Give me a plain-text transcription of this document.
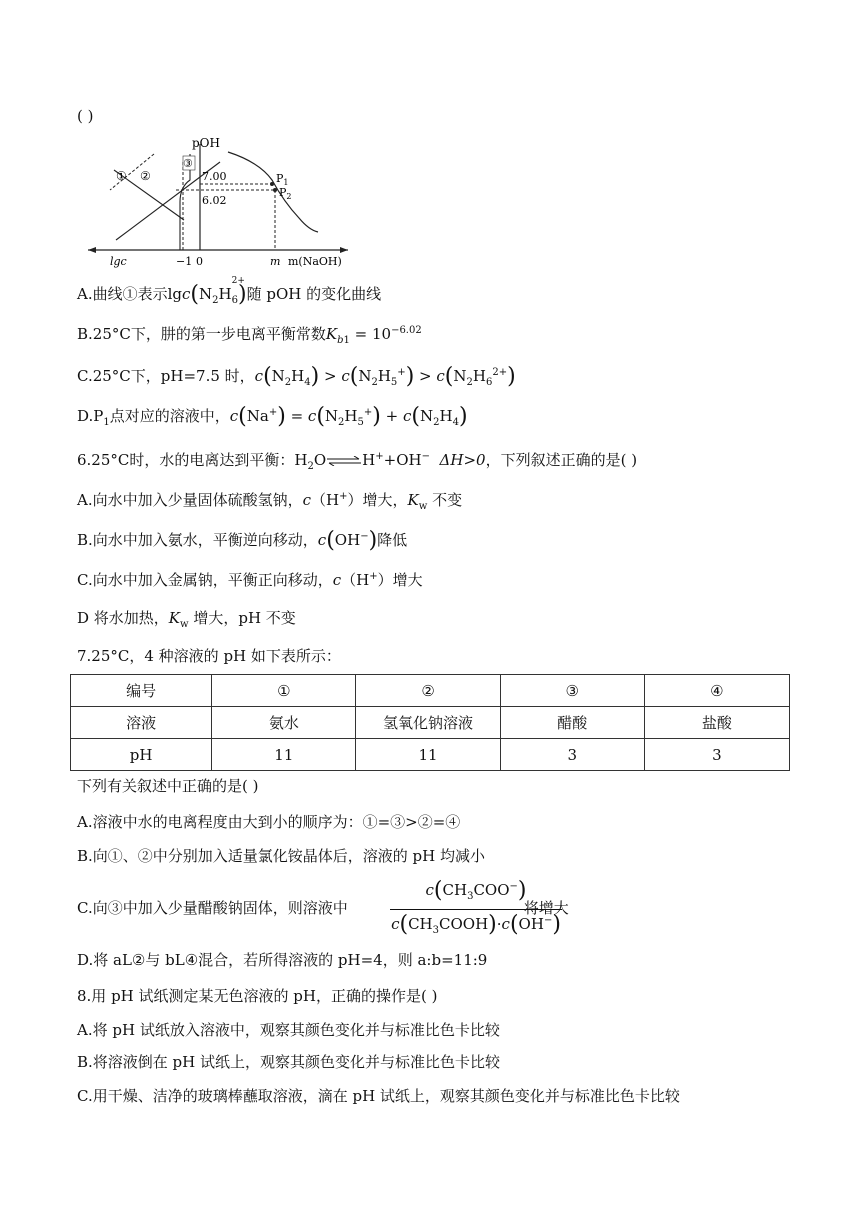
( )
pOH
③
① ②	7.00
6.02
$P_1$
$P_2$
lgc	−1 0	m m(NaOH)
A.曲线①表示$\lg c(N_2H$
$_{2+ 6}$)随 pOH 的变化曲线
B.25°C下，肼的第一步电离平衡常数$K_{b1} = 10^{-6.02}$
C.25°C下，pH=7.5 时，$c(N_2H_4) > c(N_2H_5^+) > c(N_2H_6^{2+})$
$D.P_1$点对应的溶液中，$c(Na^+) = c(N_2H_5^+) + c(N_2H_4)$
6.25°C时，水的电离达到平衡：$H_2O$ H++OH− ΔH>0，下列叙述正确的是( )
A.向水中加入少量固体硫酸氢钠，c（H+）增大，$K_w$ 不变
B.向水中加入氨水，平衡逆向移动，c(OH−)降低
C.向水中加入金属钠，平衡正向移动，c（H+）增大
D 将水加热，$K_w$ 增大，pH 不变
7.25°C，4 种溶液的 pH 如下表所示：
编号	①	②	③	④
溶液	氨水	氢氧化钠溶液	醋酸	盐酸
pH	11	11	3	3
下列有关叙述中正确的是( )
A.溶液中水的电离程度由大到小的顺序为：①=③>②=④
B.向①、②中分别加入适量氯化铵晶体后，溶液的 pH 均减小
C.向③中加入少量醋酸钠固体，则溶液中	将增大
$c(CH_3COO^-)$
$c(CH_3COOH)\cdot c(OH^-)$
D.将 aL②与 bL④混合，若所得溶液的 pH=4，则 a:b=11:9
8.用 pH 试纸测定某无色溶液的 pH，正确的操作是( )
A.将 pH 试纸放入溶液中，观察其颜色变化并与标准比色卡比较
B.将溶液倒在 pH 试纸上，观察其颜色变化并与标准比色卡比较
C.用干燥、洁净的玻璃棒蘸取溶液，滴在 pH 试纸上，观察其颜色变化并与标准比色卡比较
